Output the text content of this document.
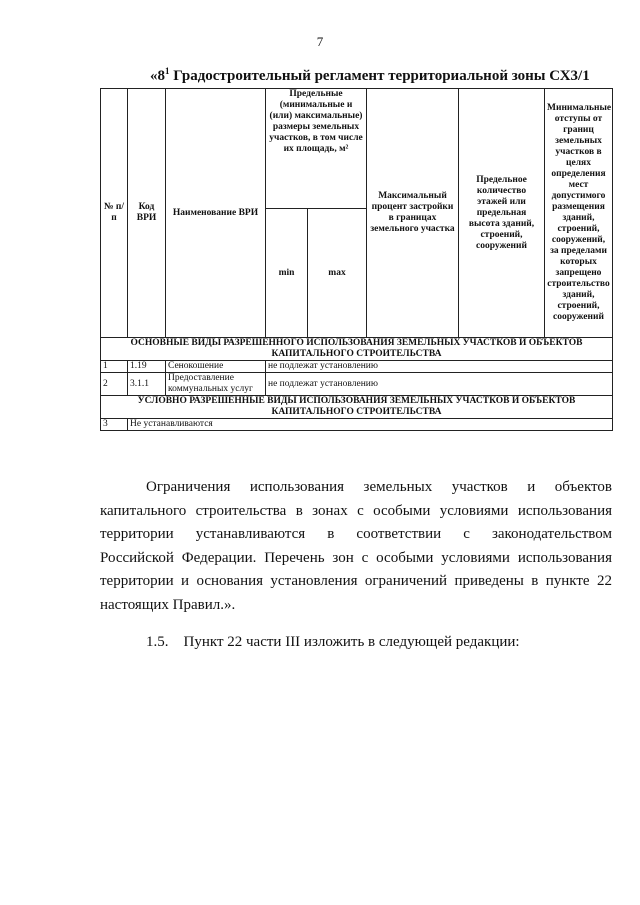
7
«$8^1$ Градостроительный регламент территориальной зоны СХ3/1
№ п/п	Код ВРИ	Наименование ВРИ	Предельные (минимальные и (или) максимальные) размеры земельных участков, в том числе их площадь, м²		Максимальный процент застройки в границах земельного участка	Предельное количество этажей или предельная высота зданий, строений, сооружений	Минимальные отступы от границ земельных участков в целях определения мест допустимого размещения зданий, строений, сооружений, за пределами которых запрещено строительство зданий, строений, сооружений
			min	max			
ОСНОВНЫЕ ВИДЫ РАЗРЕШЕННОГО ИСПОЛЬЗОВАНИЯ ЗЕМЕЛЬНЫХ УЧАСТКОВ И ОБЪЕКТОВ КАПИТАЛЬНОГО СТРОИТЕЛЬСТВА							
1	1.19	Сенокошение	не подлежат установлению				
2	3.1.1	Предоставление коммунальных услуг	не подлежат установлению				
УСЛОВНО РАЗРЕШЕННЫЕ ВИДЫ ИСПОЛЬЗОВАНИЯ ЗЕМЕЛЬНЫХ УЧАСТКОВ И ОБЪЕКТОВ КАПИТАЛЬНОГО СТРОИТЕЛЬСТВА							
3	Не устанавливаются						
Ограничения использования земельных участков и объектов
капитального строительства в зонах с особыми условиями использования
территории устанавливаются в соответствии с законодательством
Российской Федерации. Перечень зон с особыми условиями использования
территории и основания установления ограничений приведены в пункте 22
настоящих Правил.».
1.5.    Пункт 22 части III изложить в следующей редакции:
